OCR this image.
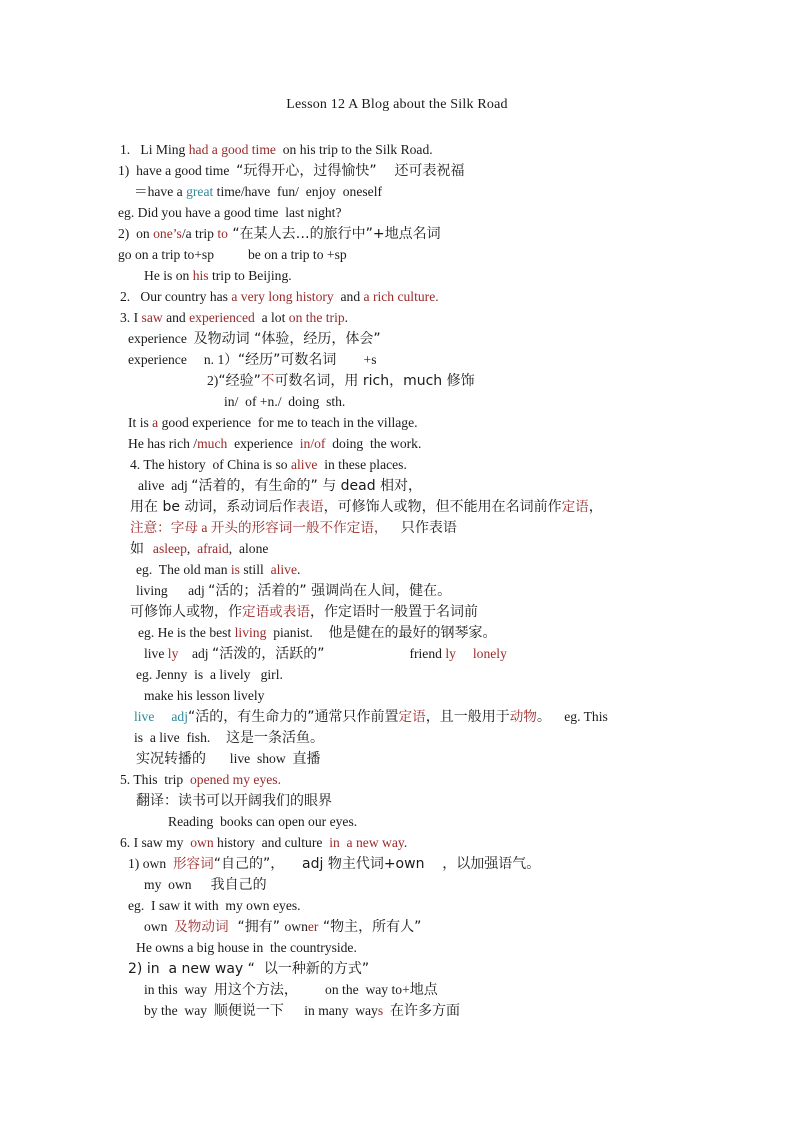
Lesson 12 A Blog about the Silk Road
1.   Li Ming had a good time  on his trip to the Silk Road.
1)  have a good time  “玩得开心，过得愉快”    还可表祝福
＝have a great time/have  fun/  enjoy  oneself
eg. Did you have a good time  last night?
2)  on one’s/a trip to “在某人去…的旅行中”+地点名词
go on a trip to+sp          be on a trip to +sp
He is on his trip to Beijing.
2.   Our country has a very long history  and a rich culture.
3. I saw and experienced  a lot on the trip.
experience  及物动词 “体验，经历，体会”
experience     n. 1）“经历”可数名词        +s
2)“经验”不可数名词，用 rich，much 修饰
in/  of +n./  doing  sth.
It is a good experience  for me to teach in the village.
He has rich /much  experience  in/of  doing  the work.
4. The history  of China is so alive  in these places.
alive  adj “活着的，有生命的” 与 dead 相对，
用在 be 动词，系动词后作表语，可修饰人或物，但不能用在名词前作定语，
注意：字母 a 开头的形容词一般不作定语，   只作表语
如  asleep,  afraid,  alone
eg.  The old man is still  alive.
living      adj “活的；活着的” 强调尚在人间，健在。
可修饰人或物，作定语或表语，作定语时一般置于名词前
eg. He is the best living  pianist.    他是健在的最好的钢琴家。
live ly    adj “活泼的，活跃的”                         friend ly     lonely
eg. Jenny  is  a lively   girl.
make his lesson lively
live adj“活的，有生命力的”通常只作前置定语，且一般用于动物。   eg. This
is  a live  fish.    这是一条活鱼。
实况转播的       live  show  直播
5. This  trip  opened my eyes.
翻译：读书可以开阔我们的眼界
Reading  books can open our eyes.
6. I saw my  own history  and culture  in  a new way.
1) own  形容词“自己的”，    adj 物主代词+own    ，以加强语气。
my  own     我自己的
eg.  I saw it with  my own eyes.
own  及物动词  “拥有” owner “物主，所有人”
He owns a big house in  the countryside.
2) in  a new way “  以一种新的方式”
in this  way  用这个方法，        on the  way to+地点
by the  way  顺便说一下      in many  ways 在许多方面
